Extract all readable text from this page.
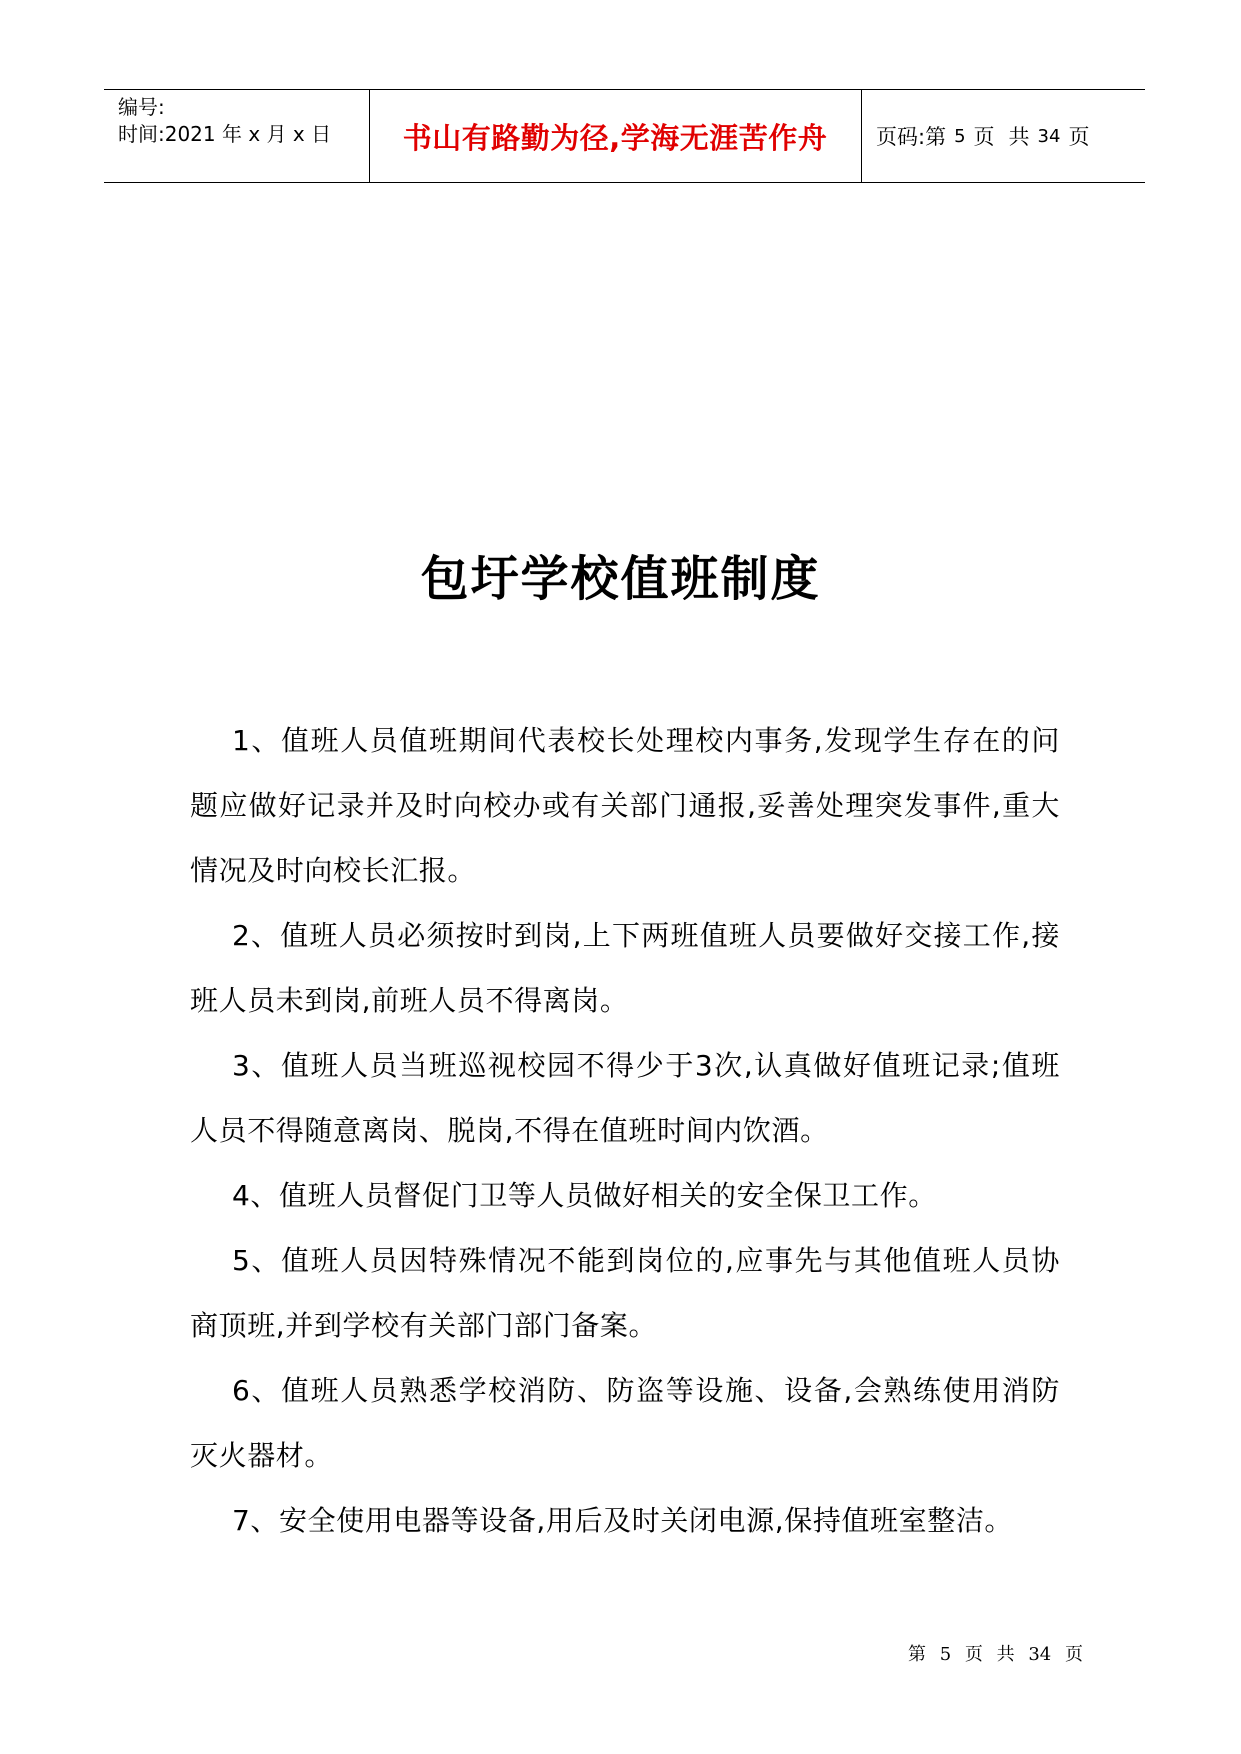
编号:
时间:2021 年 x 月 x 日	书山有路勤为径,学海无涯苦作舟	页码: 第 5 页 共 34 页
包圩学校值班制度

1、值班人员值班期间代表校长处理校内事务,发现学生存在的问题应做好记录并及时向校办或有关部门通报,妥善处理突发事件,重大情况及时向校长汇报。

2、值班人员必须按时到岗,上下两班值班人员要做好交接工作,接班人员未到岗,前班人员不得离岗。

3、值班人员当班巡视校园不得少于3次,认真做好值班记录;值班人员不得随意离岗、脱岗,不得在值班时间内饮酒。

4、值班人员督促门卫等人员做好相关的安全保卫工作。

5、值班人员因特殊情况不能到岗位的,应事先与其他值班人员协商顶班,并到学校有关部门部门备案。

6、值班人员熟悉学校消防、防盗等设施、设备,会熟练使用消防灭火器材。

7、安全使用电器等设备,用后及时关闭电源,保持值班室整洁。

第 5 页 共 34 页
